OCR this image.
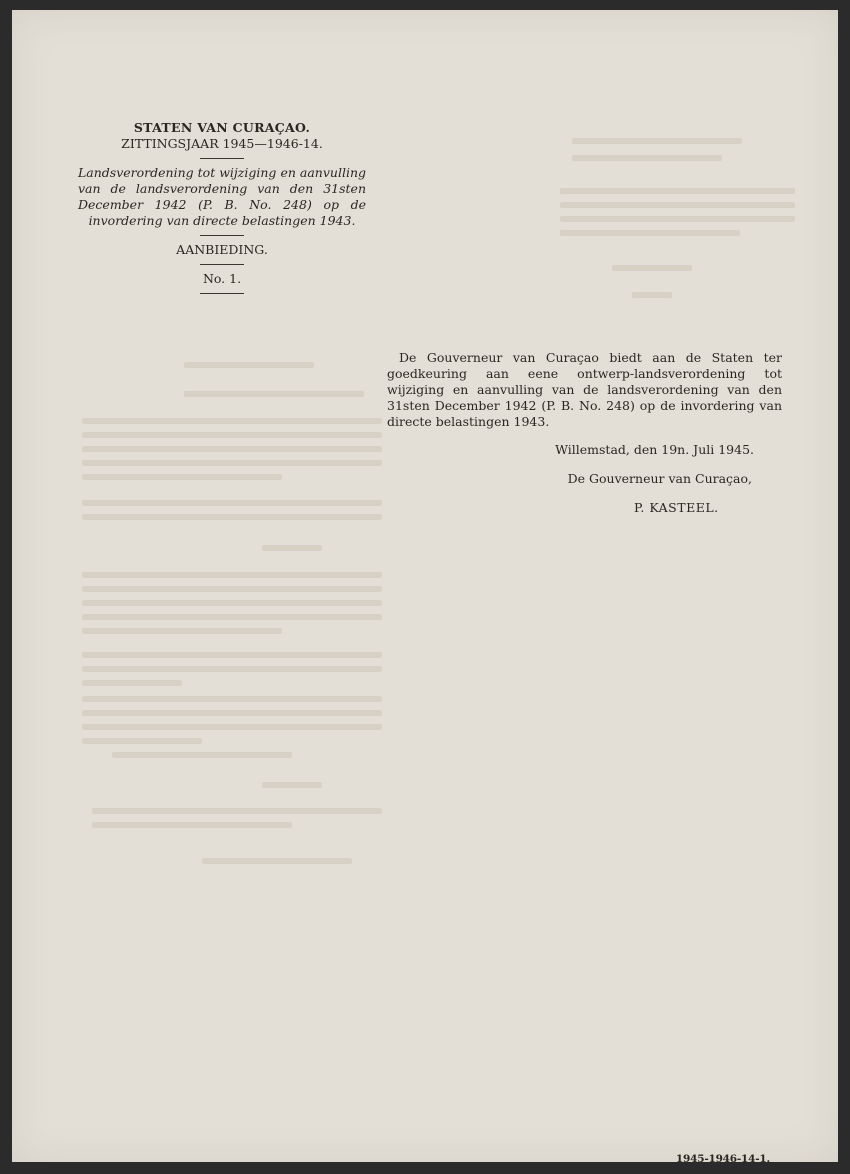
STATEN VAN CURAÇAO.
ZITTINGSJAAR 1945—1946-14.
Landsverordening tot wijziging en aanvulling van de landsverordening van den 31sten December 1942 (P. B. No. 248) op de invordering van directe belastingen 1943.
AANBIEDING.
No. 1.

De Gouverneur van Curaçao biedt aan de Staten ter goedkeuring aan eene ontwerp-landsverordening tot wijziging en aanvulling van de landsverordening van den 31sten December 1942 (P. B. No. 248) op de invordering van directe belastingen 1943.

Willemstad, den 19n. Juli 1945.
De Gouverneur van Curaçao,
P. KASTEEL.
1945-1946-14-1.
